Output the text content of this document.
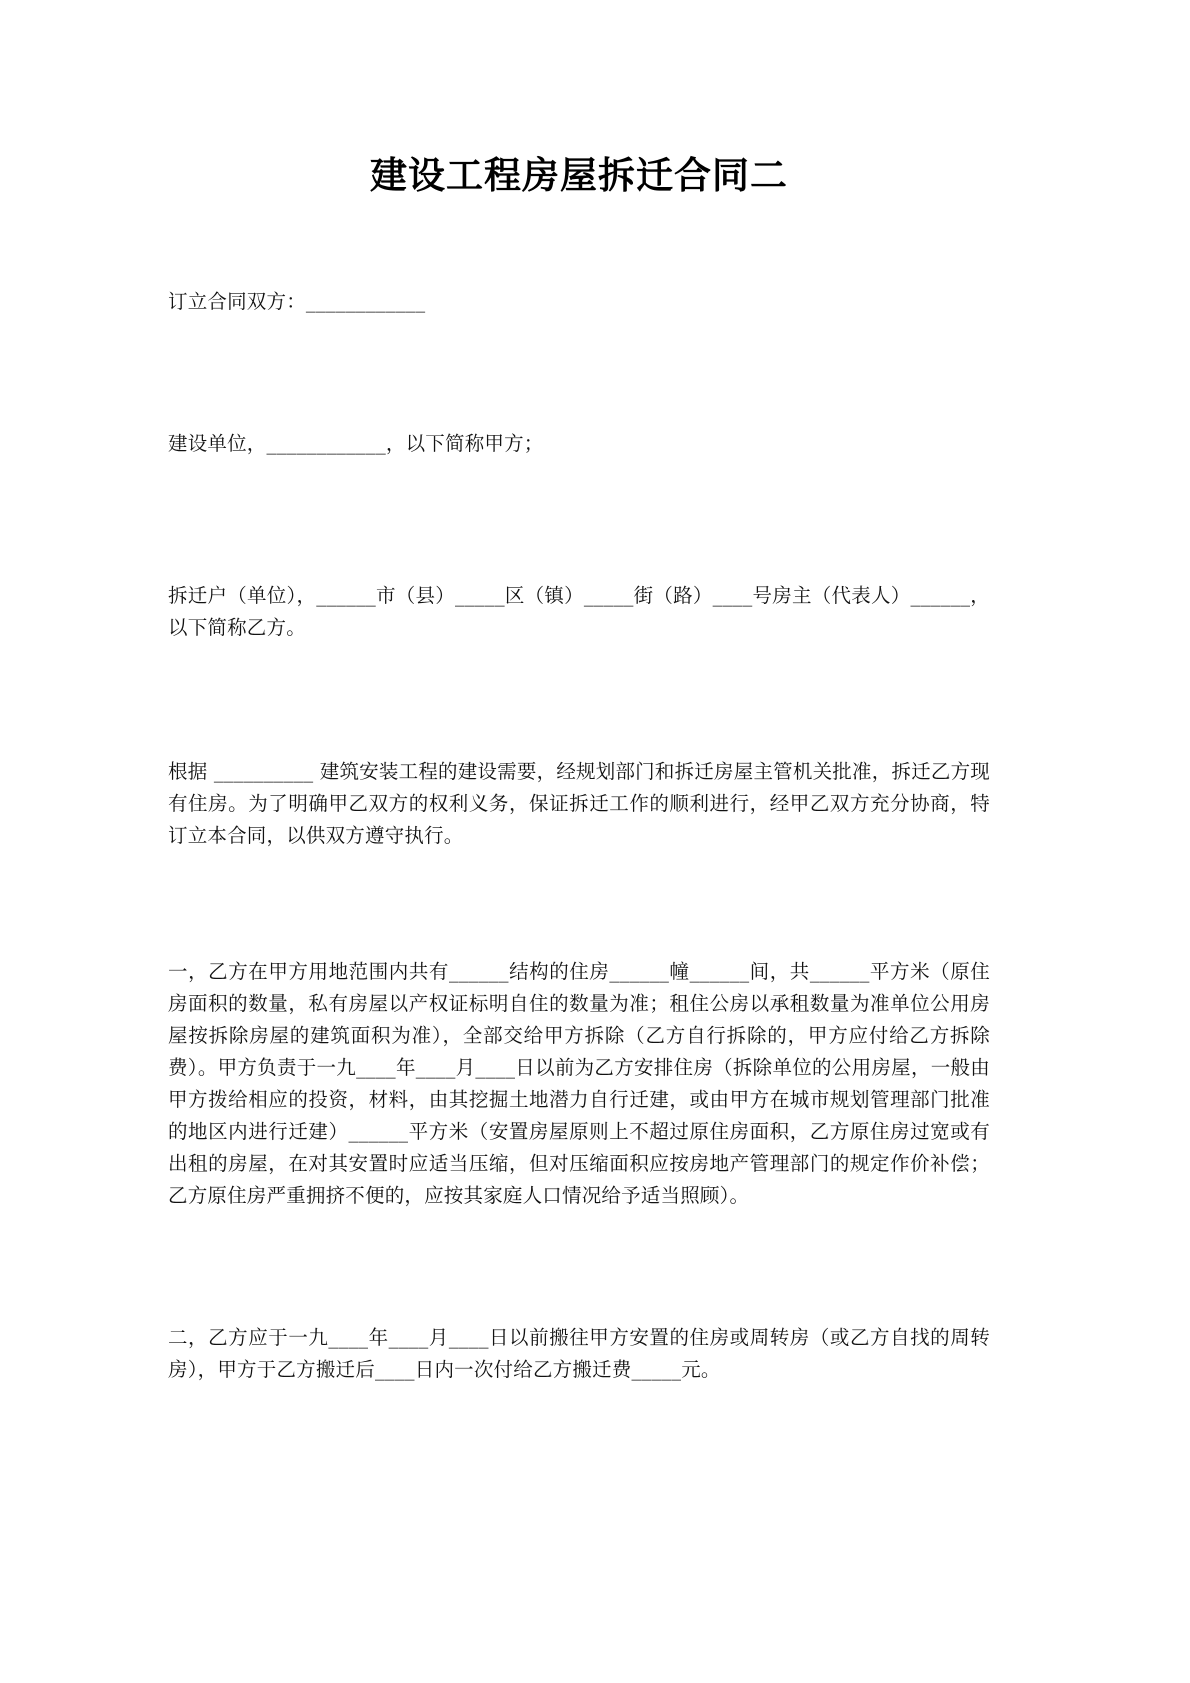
建设工程房屋拆迁合同二

订立合同双方：____________

建设单位，____________，以下简称甲方；

拆迁户（单位），______市（县）_____区（镇）_____街（路）____号房主（代表人）______，以下简称乙方。

根据 __________ 建筑安装工程的建设需要，经规划部门和拆迁房屋主管机关批准，拆迁乙方现有住房。为了明确甲乙双方的权利义务，保证拆迁工作的顺利进行，经甲乙双方充分协商，特订立本合同，以供双方遵守执行。

一，乙方在甲方用地范围内共有______结构的住房______幢______间，共______平方米（原住房面积的数量，私有房屋以产权证标明自住的数量为准；租住公房以承租数量为准单位公用房屋按拆除房屋的建筑面积为准），全部交给甲方拆除（乙方自行拆除的，甲方应付给乙方拆除费）。甲方负责于一九____年____月____日以前为乙方安排住房（拆除单位的公用房屋，一般由甲方拨给相应的投资，材料，由其挖掘土地潜力自行迁建，或由甲方在城市规划管理部门批准的地区内进行迁建）______平方米（安置房屋原则上不超过原住房面积，乙方原住房过宽或有出租的房屋，在对其安置时应适当压缩，但对压缩面积应按房地产管理部门的规定作价补偿；乙方原住房严重拥挤不便的，应按其家庭人口情况给予适当照顾）。

二，乙方应于一九____年____月____日以前搬往甲方安置的住房或周转房（或乙方自找的周转房），甲方于乙方搬迁后____日内一次付给乙方搬迁费_____元。
